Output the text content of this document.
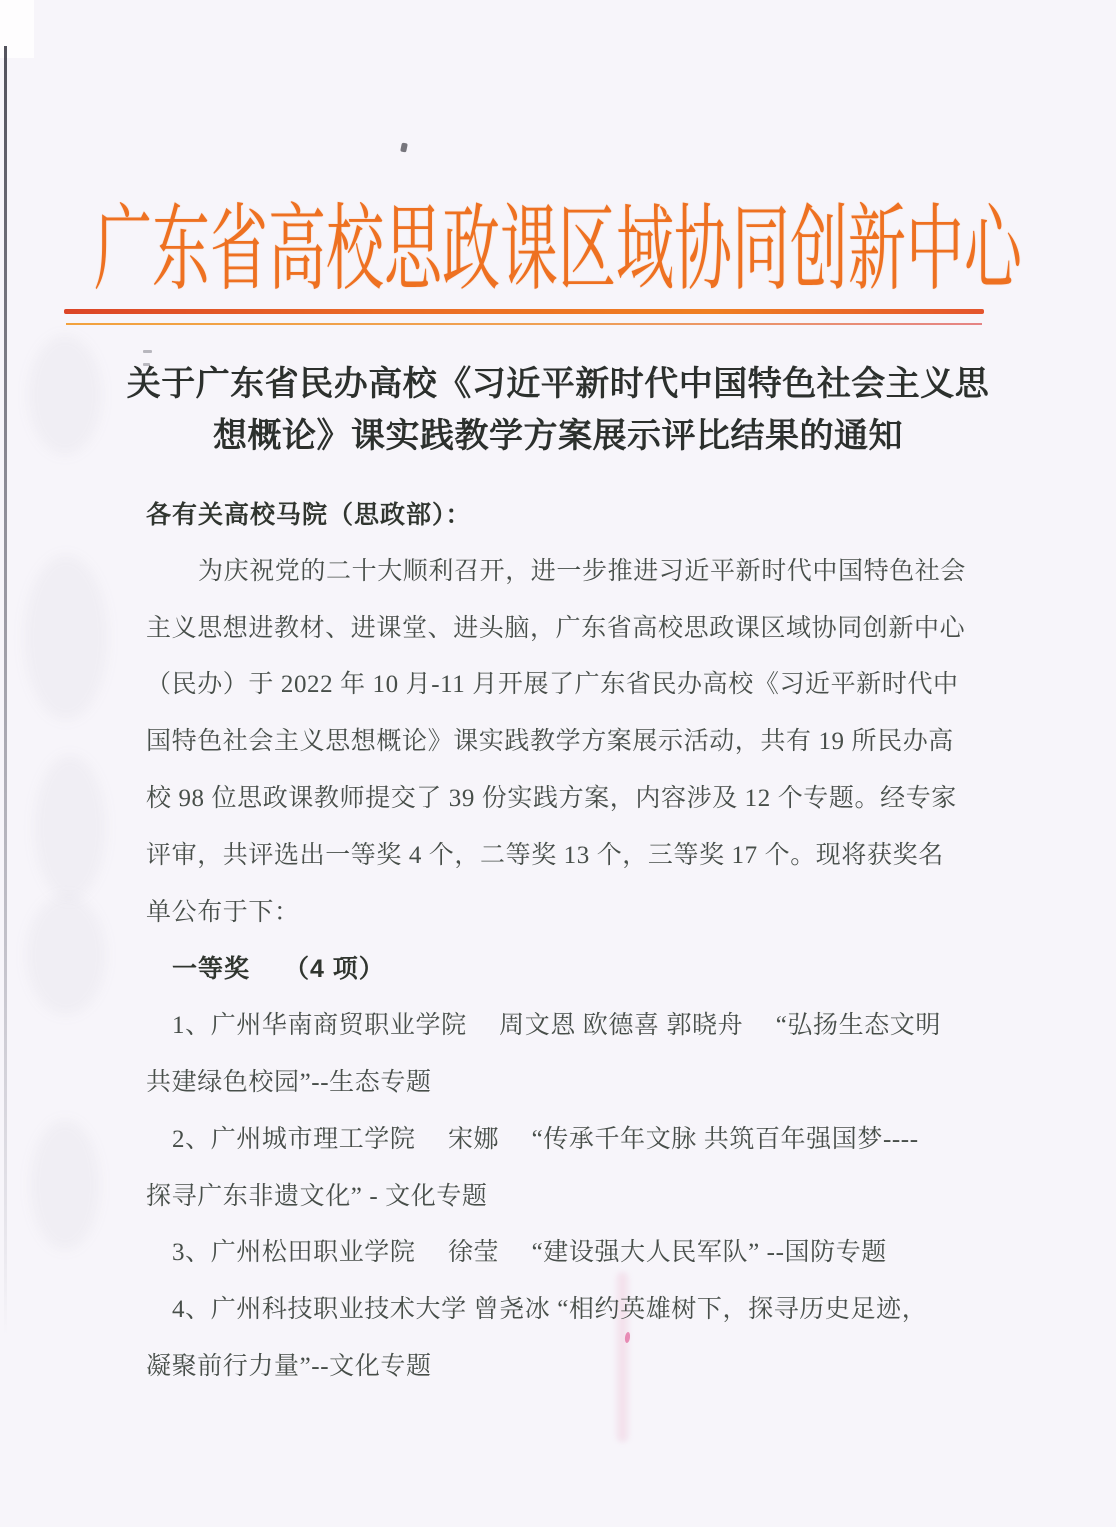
广东省高校思政课区域协同创新中心
关于广东省民办高校《习近平新时代中国特色社会主义思
想概论》课实践教学方案展示评比结果的通知
各有关高校马院（思政部）：
为庆祝党的二十大顺利召开，进一步推进习近平新时代中国特色社会
主义思想进教材、进课堂、进头脑，广东省高校思政课区域协同创新中心
（民办）于 2022 年 10 月-11 月开展了广东省民办高校《习近平新时代中
国特色社会主义思想概论》课实践教学方案展示活动，共有 19 所民办高
校 98 位思政课教师提交了 39 份实践方案，内容涉及 12 个专题。经专家
评审，共评选出一等奖 4 个，二等奖 13 个，三等奖 17 个。现将获奖名
单公布于下：
一等奖　 （4 项）
1、广州华南商贸职业学院　 周文恩 欧德喜 郭晓舟　 “弘扬生态文明
共建绿色校园”--生态专题
2、广州城市理工学院　 宋娜　 “传承千年文脉 共筑百年强国梦----
探寻广东非遗文化” - 文化专题
3、广州松田职业学院　 徐莹　 “建设强大人民军队” --国防专题
4、广州科技职业技术大学 曾尧冰 “相约英雄树下，探寻历史足迹，
凝聚前行力量”--文化专题
